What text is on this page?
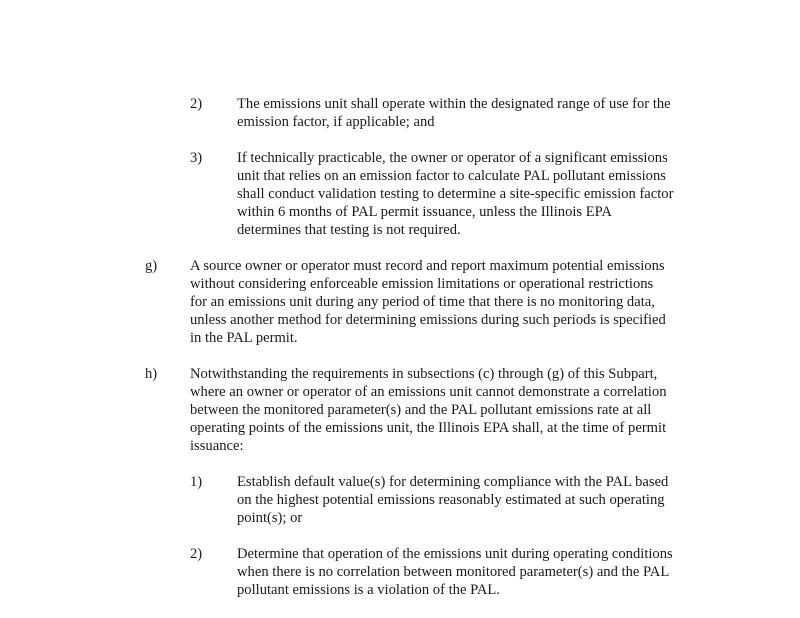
2) The emissions unit shall operate within the designated range of use for the
emission factor, if applicable; and
3) If technically practicable, the owner or operator of a significant emissions
unit that relies on an emission factor to calculate PAL pollutant emissions
shall conduct validation testing to determine a site-specific emission factor
within 6 months of PAL permit issuance, unless the Illinois EPA
determines that testing is not required.
g) A source owner or operator must record and report maximum potential emissions
without considering enforceable emission limitations or operational restrictions
for an emissions unit during any period of time that there is no monitoring data,
unless another method for determining emissions during such periods is specified
in the PAL permit.
h) Notwithstanding the requirements in subsections (c) through (g) of this Subpart,
where an owner or operator of an emissions unit cannot demonstrate a correlation
between the monitored parameter(s) and the PAL pollutant emissions rate at all
operating points of the emissions unit, the Illinois EPA shall, at the time of permit
issuance:
1) Establish default value(s) for determining compliance with the PAL based
on the highest potential emissions reasonably estimated at such operating
point(s); or
2) Determine that operation of the emissions unit during operating conditions
when there is no correlation between monitored parameter(s) and the PAL
pollutant emissions is a violation of the PAL.
